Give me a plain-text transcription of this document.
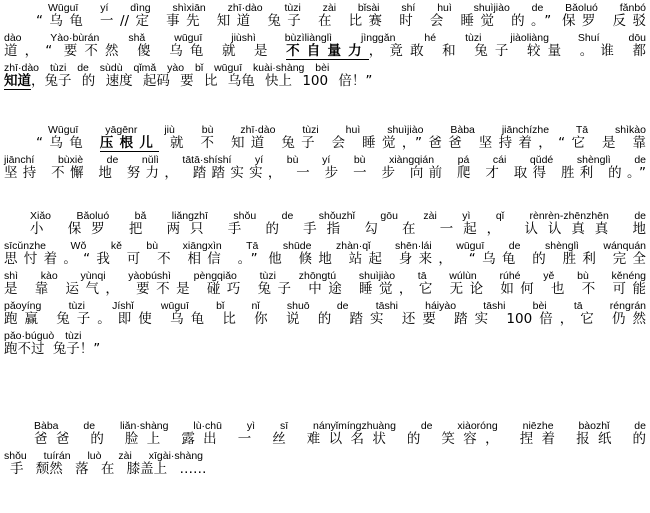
Wūguī yí dìng shìxiān zhī·dào tùzi zài bǐsài shí huì shuìjiào de Bǎoluó fǎnbó
“乌龟 一//定 事先 知道 兔子 在 比赛 时 会 睡觉 的。” 保罗 反驳
dào Yào·bùrán shǎ wūguī jiùshì bùzìliànglì jìnggǎn hé tùzi jiàoliàng Shuí dōu
道，“ 要不然 傻 乌龟 就 是 不自量力，竟敢 和 兔子 较量 。谁 都
zhī·dào tùzi de sùdù qǐmǎ yào bǐ wūguī kuài·shàng bèi
知道，兔子 的 速度 起码 要 比 乌龟 快上 100 倍！”
Wūguī yāgēnr jiù bù zhī·dào tùzi huì shuìjiào Bàba jiānchízhe Tā shìkào
“乌龟 压根儿 就 不 知道 兔子 会 睡觉，”爸爸 坚持着，“它 是 靠
jiānchí bùxiè de nǔlì tātā·shíshí yí bù yí bù xiàngqián pá cái qǔdé shènglì de
坚持 不懈 地 努力， 踏踏实实， 一 步 一 步 向前 爬 才 取得 胜利 的。”
Xiǎo Bǎoluó bǎ liǎngzhī shǒu de shǒuzhǐ gōu zài yì qǐ rènrèn-zhēnzhēn de
小 保罗 把 两只 手 的 手指 勾 在 一起， 认认真真 地
sīcǔnzhe Wǒ kě bù xiāngxìn Tā shūde zhàn·qǐ shēn·lái wūguī de shènglì wánquán
思忖着。“我 可 不 相信 。” 他 倏地 站起 身来， “乌龟 的 胜利 完全
shì kào yùnqi yàobúshì pèngqiǎo tùzi zhōngtú shuìjiào tā wúlùn rúhé yě bù kěnéng
是 靠 运气， 要不是 碰巧 兔子 中途 睡觉，它 无论 如何 也 不 可能
pǎoyíng tùzi Jíshǐ wūguī bǐ nǐ shuō de tāshi háiyào tāshi bèi tā réngrán
跑赢 兔子。即使 乌龟 比 你 说 的 踏实 还要 踏实 100倍，它 仍然
pǎo·búguò tùzi
跑不过 兔子！”
Bàba de liǎn·shàng lù·chū yì sī nányǐmíngzhuàng de xiàoróng niēzhe bàozhǐ de
爸爸 的 脸上 露出 一 丝 难以名状 的 笑容， 捏着 报纸 的
shǒu tuírán luò zài xīgài·shàng
手 颓然 落 在 膝盖上 ……
